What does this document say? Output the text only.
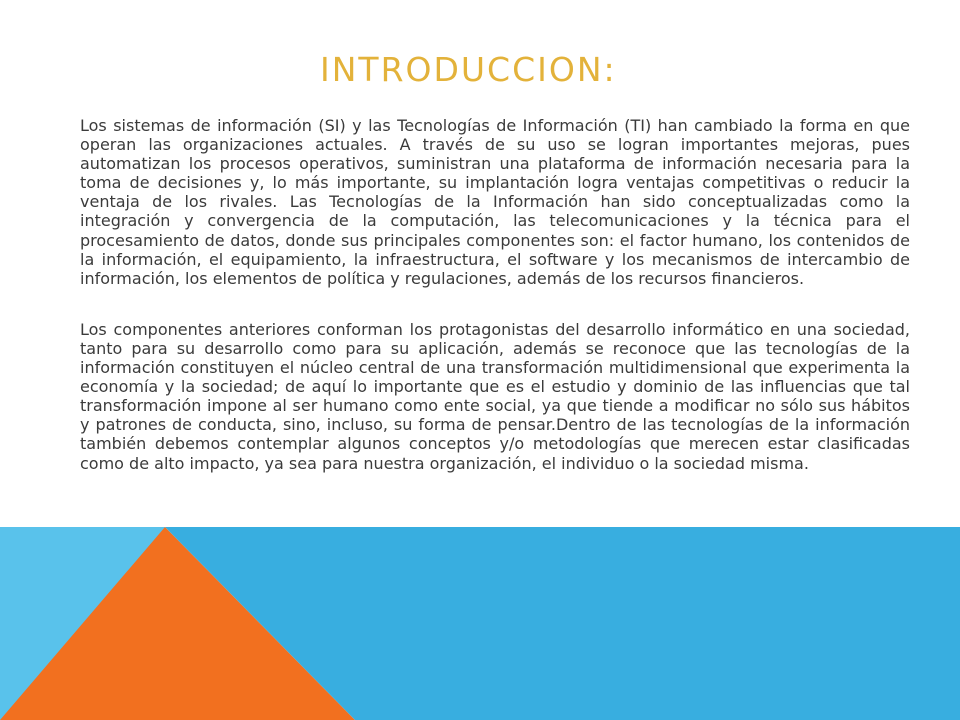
INTRODUCCION:

Los sistemas de información (SI) y las Tecnologías de Información (TI) han cambiado la forma en que operan las organizaciones actuales. A través de su uso se logran importantes mejoras, pues automatizan los procesos operativos, suministran una plataforma de información necesaria para la toma de decisiones y, lo más importante, su implantación logra ventajas competitivas o reducir la ventaja de los rivales. Las Tecnologías de la Información han sido conceptualizadas como la integración y convergencia de la computación, las telecomunicaciones y la técnica para el procesamiento de datos, donde sus principales componentes son: el factor humano, los contenidos de la información, el equipamiento, la infraestructura, el software y los mecanismos de intercambio de información, los elementos de política y regulaciones, además de los recursos financieros.

Los componentes anteriores conforman los protagonistas del desarrollo informático en una sociedad, tanto para su desarrollo como para su aplicación, además se reconoce que las tecnologías de la información constituyen el núcleo central de una transformación multidimensional que experimenta la economía y la sociedad; de aquí lo importante que es el estudio y dominio de las influencias que tal transformación impone al ser humano como ente social, ya que tiende a modificar no sólo sus hábitos y patrones de conducta, sino, incluso, su forma de pensar.Dentro de las tecnologías de la información también debemos contemplar algunos conceptos y/o metodologías que merecen estar clasificadas como de alto impacto, ya sea para nuestra organización, el individuo o la sociedad misma.
